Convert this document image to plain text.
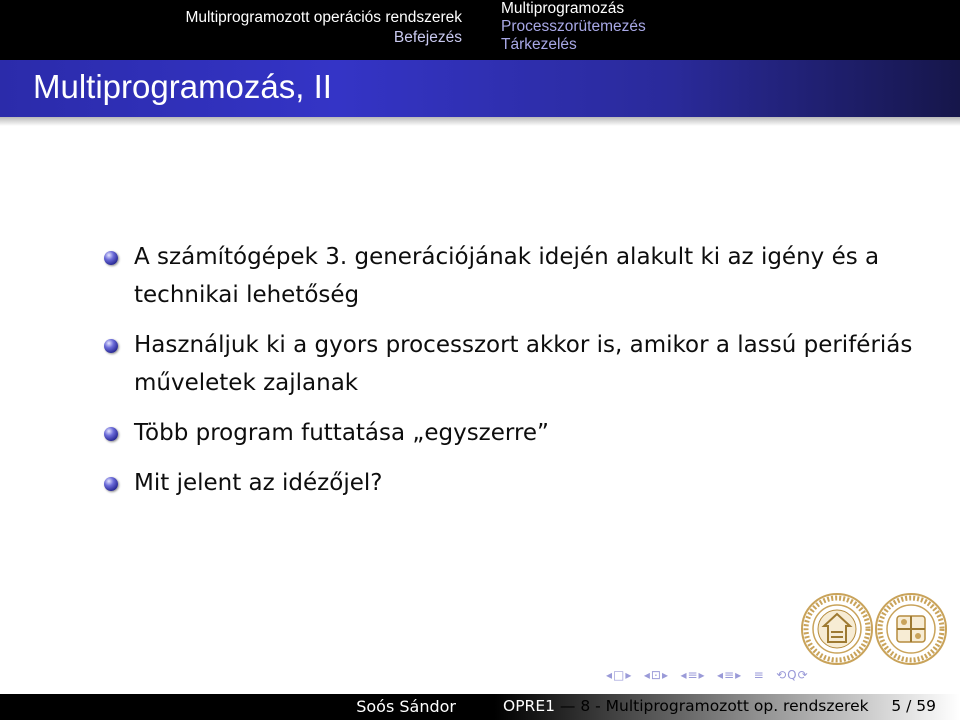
Multiprogramozott operációs rendszerek
Befejezés
Multiprogramozás
Processzorütemezés
Tárkezelés
Multiprogramozás, II
A számítógépek 3. generációjának idején alakult ki az igény és a technikai lehetőség
Használjuk ki a gyors processzort akkor is, amikor a lassú perifériás műveletek zajlanak
Több program futtatása „egyszerre”
Mit jelent az idézőjel?
◂□▸ ◂⊡▸ ◂≡▸ ◂≡▸ ≡ ⟲Q⟳
Soós Sándor	OPRE1 — 8 - Multiprogramozott op. rendszerek 5 / 59
